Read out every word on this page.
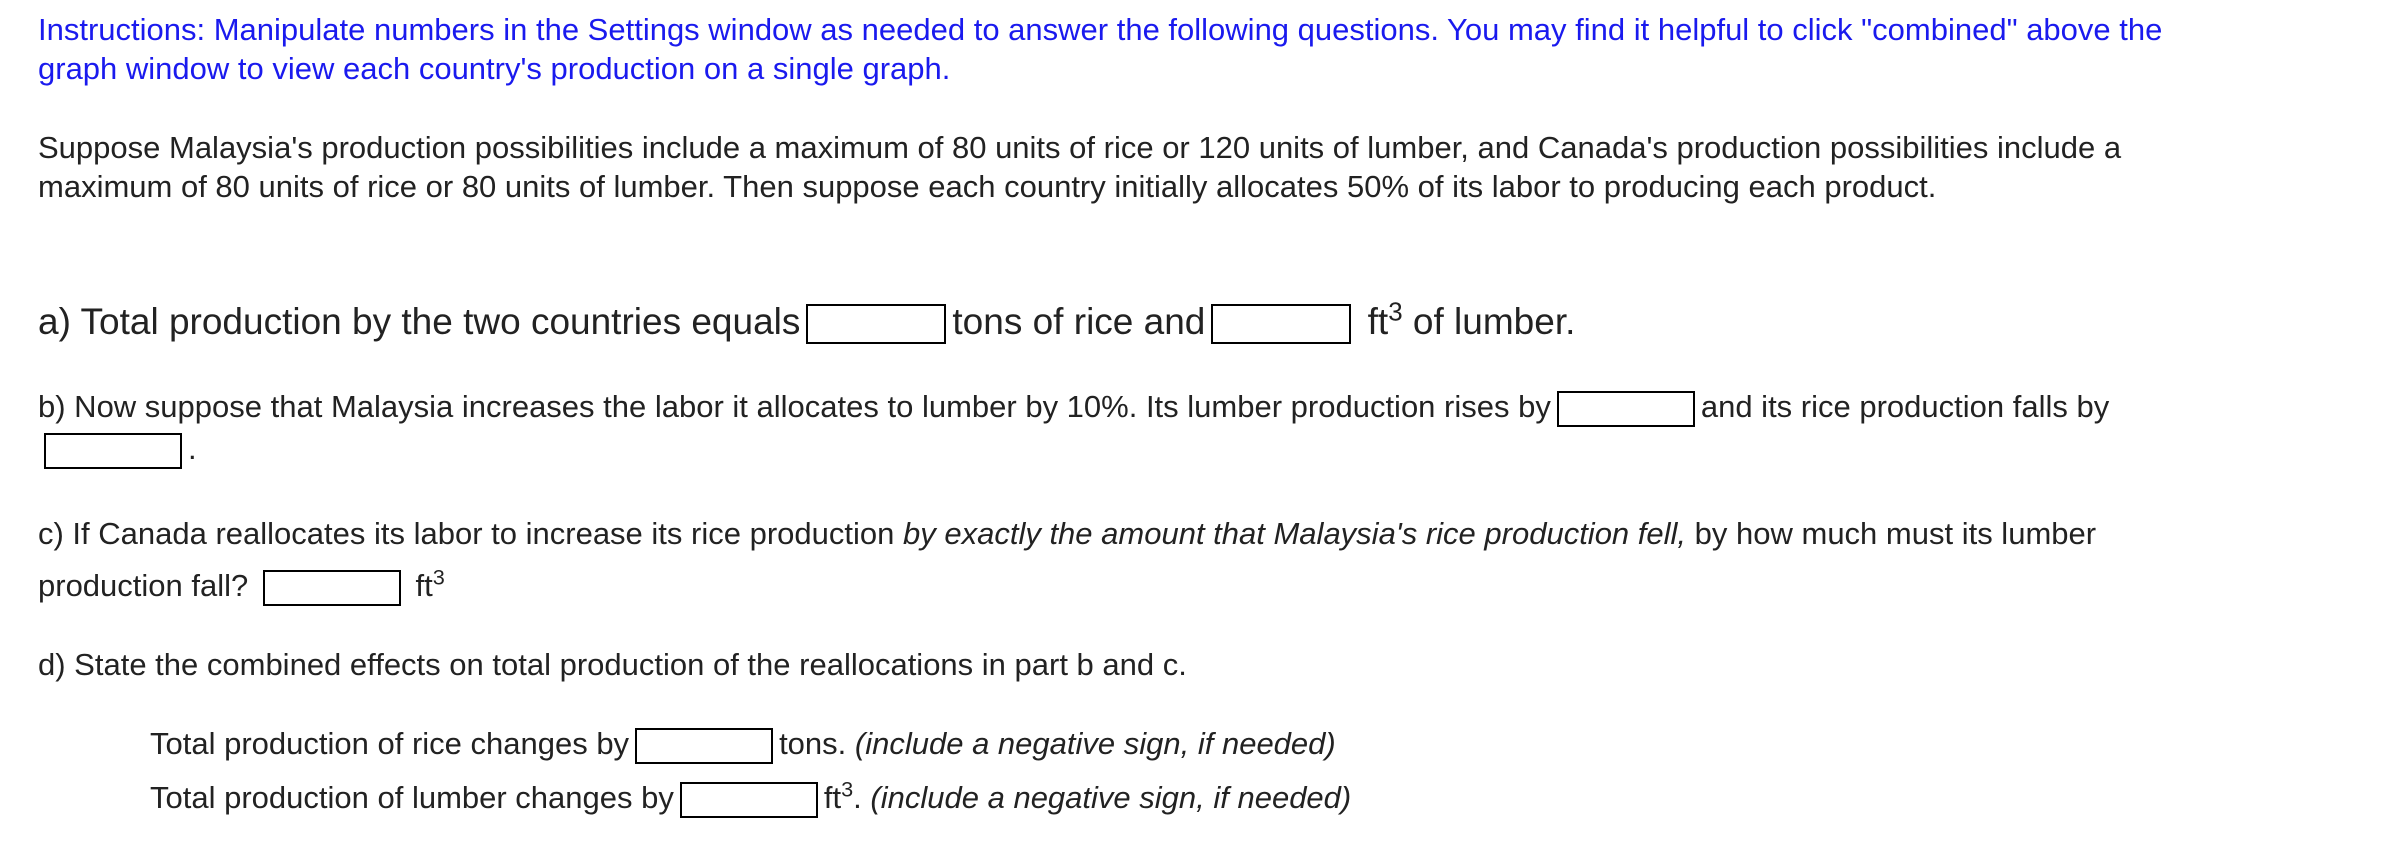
Instructions: Manipulate numbers in the Settings window as needed to answer the following questions. You may find it helpful to click "combined" above the graph window to view each country's production on a single graph.
Suppose Malaysia's production possibilities include a maximum of 80 units of rice or 120 units of lumber, and Canada's production possibilities include a maximum of 80 units of rice or 80 units of lumber. Then suppose each country initially allocates 50% of its labor to producing each product.
a) Total production by the two countries equals	tons of rice and	$ft^3$ of lumber.
b) Now suppose that Malaysia increases the labor it allocates to lumber by 10%. Its lumber production rises by	and its rice production falls by.
c) If Canada reallocates its labor to increase its rice production by exactly the amount that Malaysia's rice production fell, by how much must its lumber production fall?	$ft^3$
d) State the combined effects on total production of the reallocations in part b and c.
Total production of rice changes by	tons. (include a negative sign, if needed)
Total production of lumber changes by	$ft^3$. (include a negative sign, if needed)
